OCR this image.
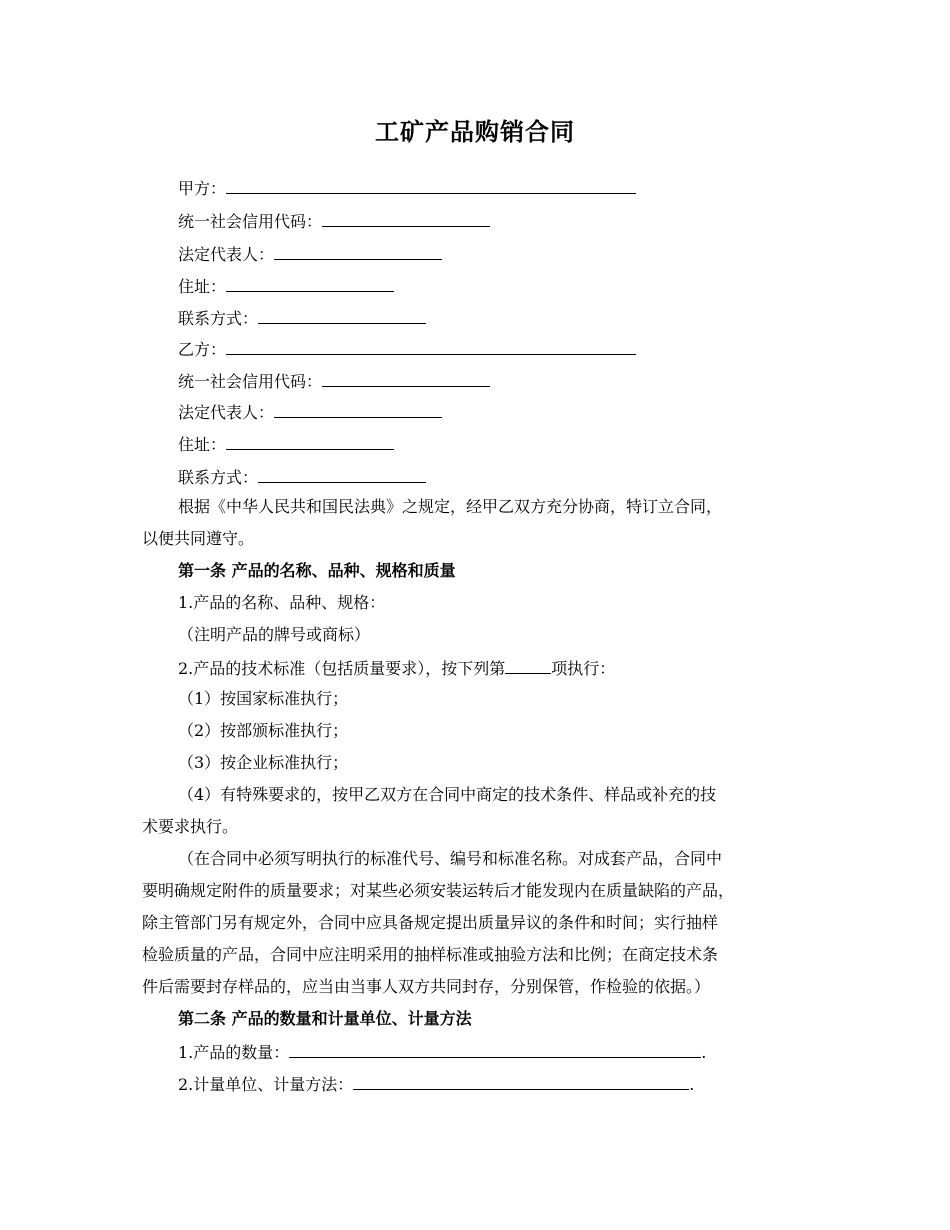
工矿产品购销合同
甲方：
统一社会信用代码：
法定代表人：
住址：
联系方式：
乙方：
统一社会信用代码：
法定代表人：
住址：
联系方式：
根据《中华人民共和国民法典》之规定，经甲乙双方充分协商，特订立合同，
以便共同遵守。
第一条 产品的名称、品种、规格和质量
1.产品的名称、品种、规格：
（注明产品的牌号或商标）
2.产品的技术标准（包括质量要求），按下列第	项执行：
（1）按国家标准执行；
（2）按部颁标准执行；
（3）按企业标准执行；
（4）有特殊要求的，按甲乙双方在合同中商定的技术条件、样品或补充的技
术要求执行。
（在合同中必须写明执行的标准代号、编号和标准名称。对成套产品，合同中
要明确规定附件的质量要求；对某些必须安装运转后才能发现内在质量缺陷的产品，
除主管部门另有规定外，合同中应具备规定提出质量异议的条件和时间；实行抽样
检验质量的产品，合同中应注明采用的抽样标准或抽验方法和比例；在商定技术条
件后需要封存样品的，应当由当事人双方共同封存，分别保管，作检验的依据。）
第二条 产品的数量和计量单位、计量方法
1.产品的数量：	.
2.计量单位、计量方法：	.
